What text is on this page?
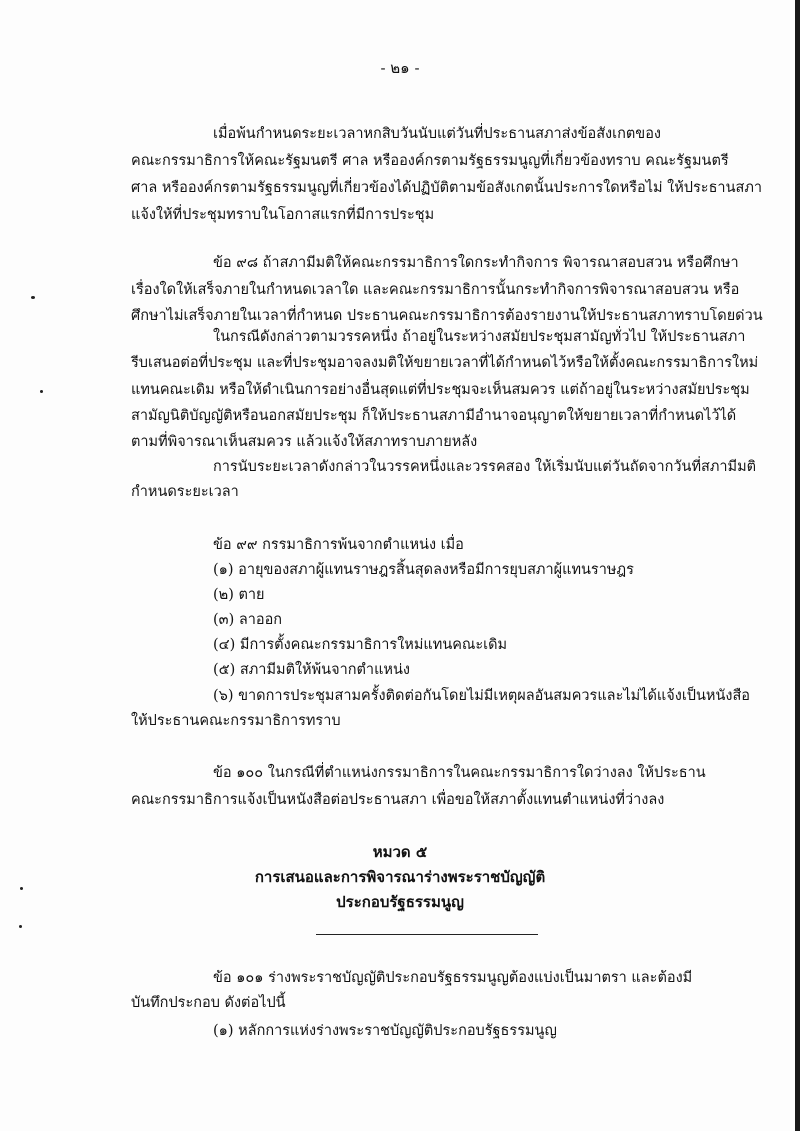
- ๒๑ -
เมื่อพ้นกำหนดระยะเวลาหกสิบวันนับแต่วันที่ประธานสภาส่งข้อสังเกตของ
คณะกรรมาธิการให้คณะรัฐมนตรี ศาล หรือองค์กรตามรัฐธรรมนูญที่เกี่ยวข้องทราบ คณะรัฐมนตรี
ศาล หรือองค์กรตามรัฐธรรมนูญที่เกี่ยวข้องได้ปฏิบัติตามข้อสังเกตนั้นประการใดหรือไม่ ให้ประธานสภา
แจ้งให้ที่ประชุมทราบในโอกาสแรกที่มีการประชุม
ข้อ ๙๘ ถ้าสภามีมติให้คณะกรรมาธิการใดกระทำกิจการ พิจารณาสอบสวน หรือศึกษา
เรื่องใดให้เสร็จภายในกำหนดเวลาใด และคณะกรรมาธิการนั้นกระทำกิจการพิจารณาสอบสวน หรือ
ศึกษาไม่เสร็จภายในเวลาที่กำหนด ประธานคณะกรรมาธิการต้องรายงานให้ประธานสภาทราบโดยด่วน
ในกรณีดังกล่าวตามวรรคหนึ่ง ถ้าอยู่ในระหว่างสมัยประชุมสามัญทั่วไป ให้ประธานสภา
รีบเสนอต่อที่ประชุม และที่ประชุมอาจลงมติให้ขยายเวลาที่ได้กำหนดไว้หรือให้ตั้งคณะกรรมาธิการใหม่
แทนคณะเดิม หรือให้ดำเนินการอย่างอื่นสุดแต่ที่ประชุมจะเห็นสมควร แต่ถ้าอยู่ในระหว่างสมัยประชุม
สามัญนิติบัญญัติหรือนอกสมัยประชุม ก็ให้ประธานสภามีอำนาจอนุญาตให้ขยายเวลาที่กำหนดไว้ได้
ตามที่พิจารณาเห็นสมควร แล้วแจ้งให้สภาทราบภายหลัง
การนับระยะเวลาดังกล่าวในวรรคหนึ่งและวรรคสอง ให้เริ่มนับแต่วันถัดจากวันที่สภามีมติ
กำหนดระยะเวลา
ข้อ ๙๙ กรรมาธิการพ้นจากตำแหน่ง เมื่อ
(๑) อายุของสภาผู้แทนราษฎรสิ้นสุดลงหรือมีการยุบสภาผู้แทนราษฎร
(๒) ตาย
(๓) ลาออก
(๔) มีการตั้งคณะกรรมาธิการใหม่แทนคณะเดิม
(๕) สภามีมติให้พ้นจากตำแหน่ง
(๖) ขาดการประชุมสามครั้งติดต่อกันโดยไม่มีเหตุผลอันสมควรและไม่ได้แจ้งเป็นหนังสือ
ให้ประธานคณะกรรมาธิการทราบ
ข้อ ๑๐๐ ในกรณีที่ตำแหน่งกรรมาธิการในคณะกรรมาธิการใดว่างลง ให้ประธาน
คณะกรรมาธิการแจ้งเป็นหนังสือต่อประธานสภา เพื่อขอให้สภาตั้งแทนตำแหน่งที่ว่างลง
หมวด ๕
การเสนอและการพิจารณาร่างพระราชบัญญัติ
ประกอบรัฐธรรมนูญ
ข้อ ๑๐๑ ร่างพระราชบัญญัติประกอบรัฐธรรมนูญต้องแบ่งเป็นมาตรา และต้องมี
บันทึกประกอบ ดังต่อไปนี้
(๑) หลักการแห่งร่างพระราชบัญญัติประกอบรัฐธรรมนูญ
